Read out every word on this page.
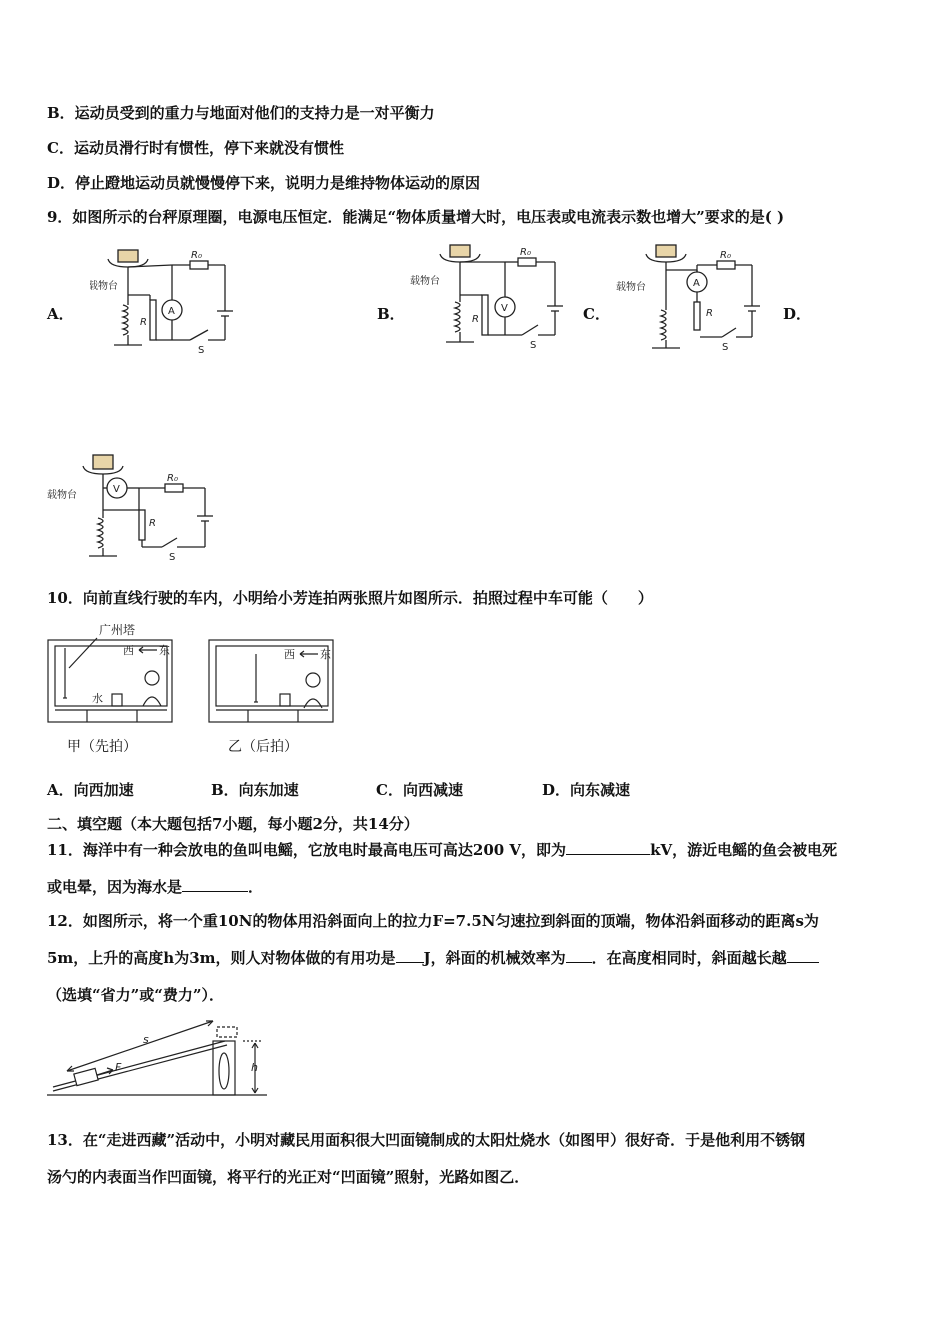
B．运动员受到的重力与地面对他们的支持力是一对平衡力
C．运动员滑行时有惯性，停下来就没有惯性
D．停止蹬地运动员就慢慢停下来，说明力是维持物体运动的原因
9．如图所示的台秤原理圈，电源电压恒定．能满足“物体质量增大时，电压表或电流表示数也增大”要求的是( )
A．	B．	C．	D．
载物台
A
R₀
R
S
载物台
V
R₀
R
S
载物台	A
R₀
R
S
载物台
V
R₀
R
S
10．向前直线行驶的车内，小明给小芳连拍两张照片如图所示．拍照过程中车可能（　　）
广州塔
西 东
水
甲（先拍）
西 东
乙（后拍）
A．向西加速	B．向东加速	C．向西减速	D．向东减速
二、填空题（本大题包括7小题，每小题2分，共14分）
11．海洋中有一种会放电的鱼叫电鳐，它放电时最高电压可高达200 V，即为	kV，游近电鳐的鱼会被电死
或电晕，因为海水是	．
12．如图所示，将一个重10N的物体用沿斜面向上的拉力F=7.5N匀速拉到斜面的顶端，物体沿斜面移动的距离s为
5m，上升的高度h为3m，则人对物体做的有用功是 J，斜面的机械效率为 ．在高度相同时，斜面越长越
（选填“省力”或“费力”）．
s
F	h
13．在“走进西藏”活动中，小明对藏民用面积很大凹面镜制成的太阳灶烧水（如图甲）很好奇．于是他利用不锈钢
汤勺的内表面当作凹面镜，将平行的光正对“凹面镜”照射，光路如图乙．
